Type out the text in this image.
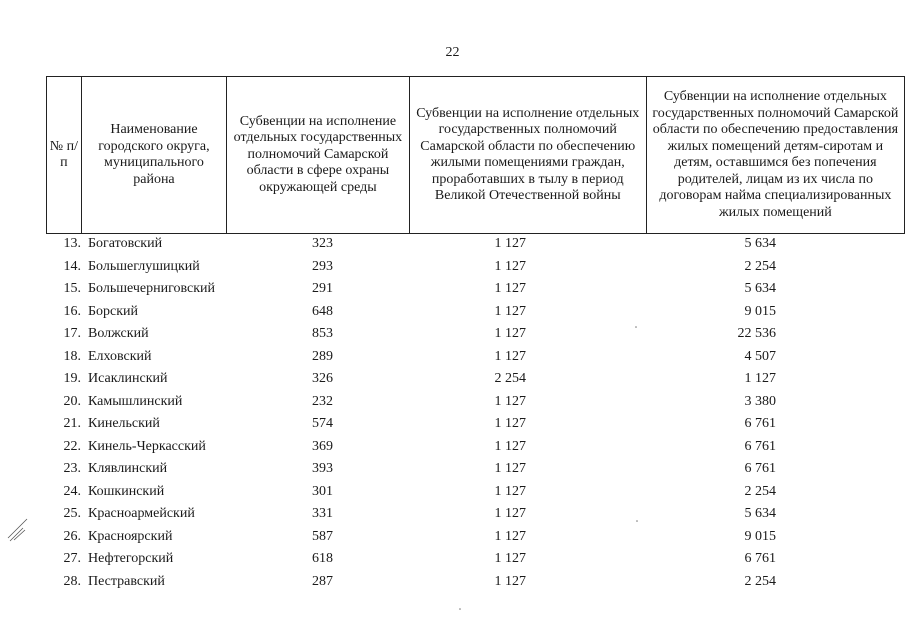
22
№ п/п	Наименование городского округа, муниципального района	Субвенции на исполнение отдельных государственных полномочий Самарской области в сфере охраны окружающей среды	Субвенции на исполнение отдельных государственных полномочий Самарской области по обеспечению жилыми помещениями граждан, проработавших в тылу в период Великой Отечественной войны	Субвенции на исполнение отдельных государственных полномочий Самарской области по обеспечению предоставления жилых помещений детям-сиротам и детям, оставшимся без попечения родителей, лицам из их числа по договорам найма специализированных жилых помещений
13. Богатовский	323	1 127	5 634
14. Большеглушицкий	293	1 127	2 254
15. Большечерниговский	291	1 127	5 634
16. Борский	648	1 127	9 015
17. Волжский	853	1 127	22 536
18. Елховский	289	1 127	4 507
19. Исаклинский	326	2 254	1 127
20. Камышлинский	232	1 127	3 380
21. Кинельский	574	1 127	6 761
22. Кинель-Черкасский	369	1 127	6 761
23. Клявлинский	393	1 127	6 761
24. Кошкинский	301	1 127	2 254
25. Красноармейский	331	1 127	5 634
26. Красноярский	587	1 127	9 015
27. Нефтегорский	618	1 127	6 761
28. Пестравский	287	1 127	2 254
